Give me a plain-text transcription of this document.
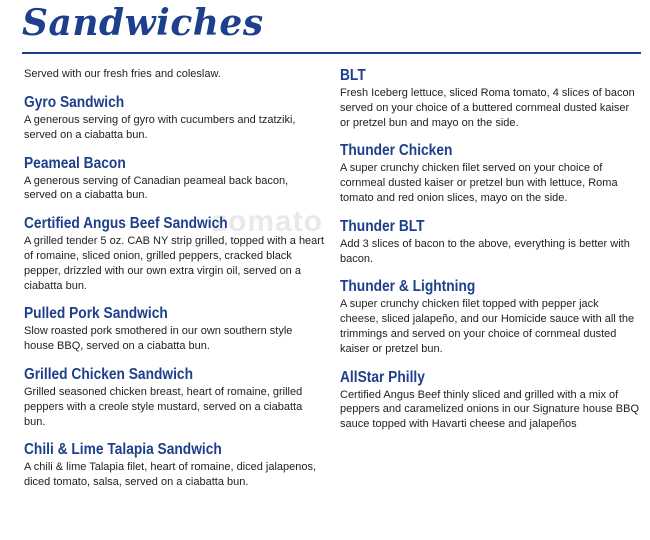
Sandwiches
zomato
Served with our fresh fries and coleslaw.
Gyro Sandwich
A generous serving of gyro with cucumbers and tzatziki, served on a ciabatta bun.
Peameal Bacon
A generous serving of Canadian peameal back bacon, served on a ciabatta bun.
Certified Angus Beef Sandwich
A grilled tender 5 oz. CAB NY strip grilled, topped with a heart of romaine, sliced onion, grilled peppers, cracked black pepper, drizzled with our own extra virgin oil, served on a ciabatta bun.
Pulled Pork Sandwich
Slow roasted pork smothered in our own southern style house BBQ, served on a ciabatta bun.
Grilled Chicken Sandwich
Grilled seasoned chicken breast, heart of romaine, grilled peppers with a creole style mustard, served on a ciabatta bun.
Chili & Lime Talapia Sandwich
A chili & lime Talapia filet, heart of romaine, diced jalapenos, diced tomato, salsa, served on a ciabatta bun.
BLT
Fresh Iceberg lettuce, sliced Roma tomato, 4 slices of bacon served on your choice of a buttered cornmeal dusted kaiser or pretzel bun and mayo on the side.
Thunder Chicken
A super crunchy chicken filet served on your choice of cornmeal dusted kaiser or pretzel bun with lettuce, Roma tomato and red onion slices, mayo on the side.
Thunder BLT
Add 3 slices of bacon to the above, everything is better with bacon.
Thunder & Lightning
A super crunchy chicken filet topped with pepper jack cheese, sliced jalapeño, and our Homicide sauce with all the trimmings and served on your choice of cornmeal dusted kaiser or pretzel bun.
AllStar Philly
Certified Angus Beef thinly sliced and grilled with a mix of peppers and caramelized onions in our Signature house BBQ sauce topped with Havarti cheese and jalapeños
